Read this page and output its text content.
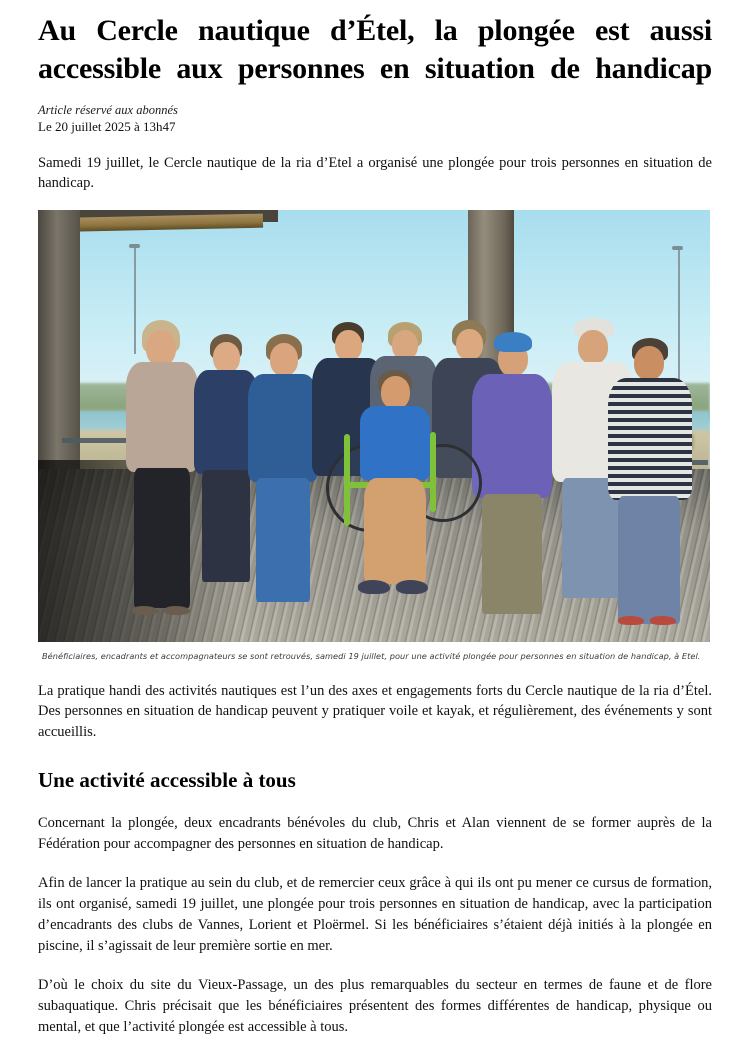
Au Cercle nautique d’Étel, la plongée est aussi accessible aux personnes en situation de handicap
Article réservé aux abonnés
Le 20 juillet 2025 à 13h47

Samedi 19 juillet, le Cercle nautique de la ria d’Etel a organisé une plongée pour trois personnes en situation de handicap.

Bénéficiaires, encadrants et accompagnateurs se sont retrouvés, samedi 19 juillet, pour une activité plongée pour personnes en situation de handicap, à Etel.

La pratique handi des activités nautiques est l’un des axes et engagements forts du Cercle nautique de la ria d’Étel. Des personnes en situation de handicap peuvent y pratiquer voile et kayak, et régulièrement, des événements y sont accueillis.

Une activité accessible à tous

Concernant la plongée, deux encadrants bénévoles du club, Chris et Alan viennent de se former auprès de la Fédération pour accompagner des personnes en situation de handicap.

Afin de lancer la pratique au sein du club, et de remercier ceux grâce à qui ils ont pu mener ce cursus de formation, ils ont organisé, samedi 19 juillet, une plongée pour trois personnes en situation de handicap, avec la participation d’encadrants des clubs de Vannes, Lorient et Ploërmel. Si les bénéficiaires s’étaient déjà initiés à la plongée en piscine, il s’agissait de leur première sortie en mer.

D’où le choix du site du Vieux-Passage, un des plus remarquables du secteur en termes de faune et de flore subaquatique. Chris précisait que les bénéficiaires présentent des formes différentes de handicap, physique ou mental, et que l’activité plongée est accessible à tous.
